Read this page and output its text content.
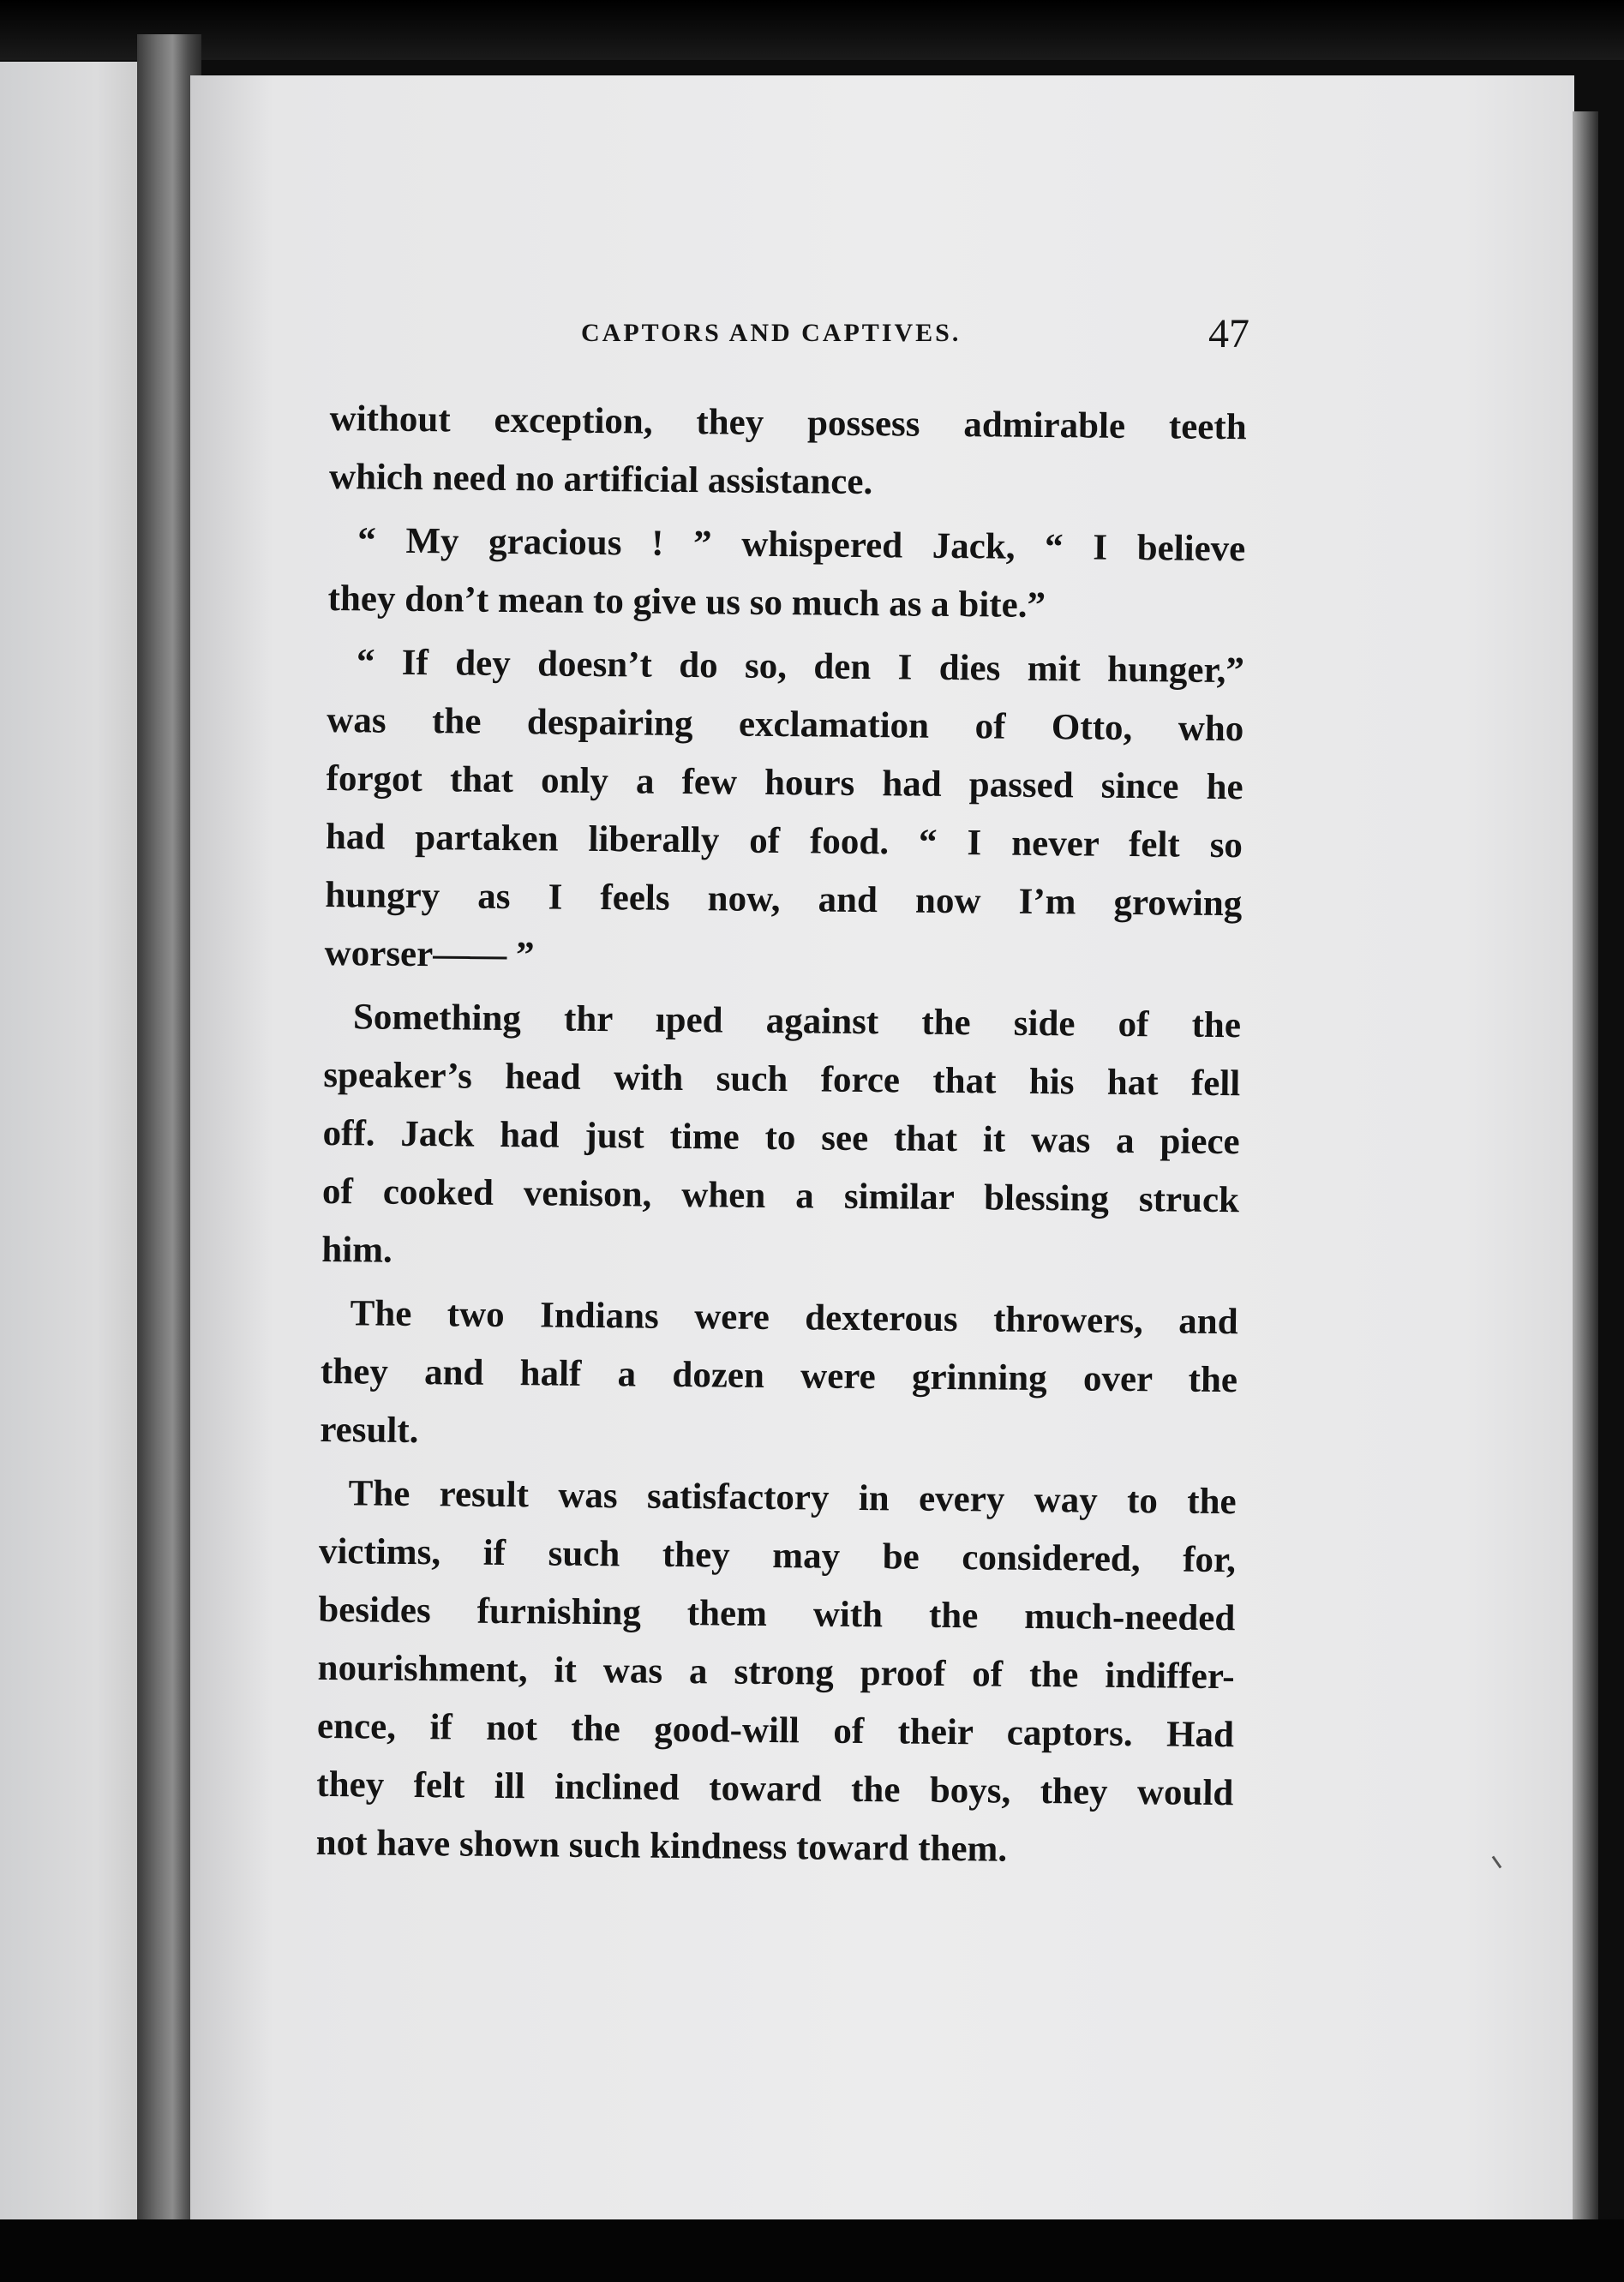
CAPTORS AND CAPTIVES.	47

without exception, they possess admirable teeth
which need no artificial assistance.

“ My gracious ! ” whispered Jack, “ I believe
they don’t mean to give us so much as a bite.”

“ If dey doesn’t do so, den I dies mit hunger,”
was the despairing exclamation of Otto, who
forgot that only a few hours had passed since he
had partaken liberally of food. “ I never felt so
hungry as I feels now, and now I’m growing
worser—— ”

Something thr ıped against the side of the
speaker’s head with such force that his hat fell
off. Jack had just time to see that it was a piece
of cooked venison, when a similar blessing struck
him.

The two Indians were dexterous throwers, and
they and half a dozen were grinning over the
result.

The result was satisfactory in every way to the
victims, if such they may be considered, for,
besides furnishing them with the much-needed
nourishment, it was a strong proof of the indiffer-
ence, if not the good-will of their captors. Had
they felt ill inclined toward the boys, they would
not have shown such kindness toward them.
